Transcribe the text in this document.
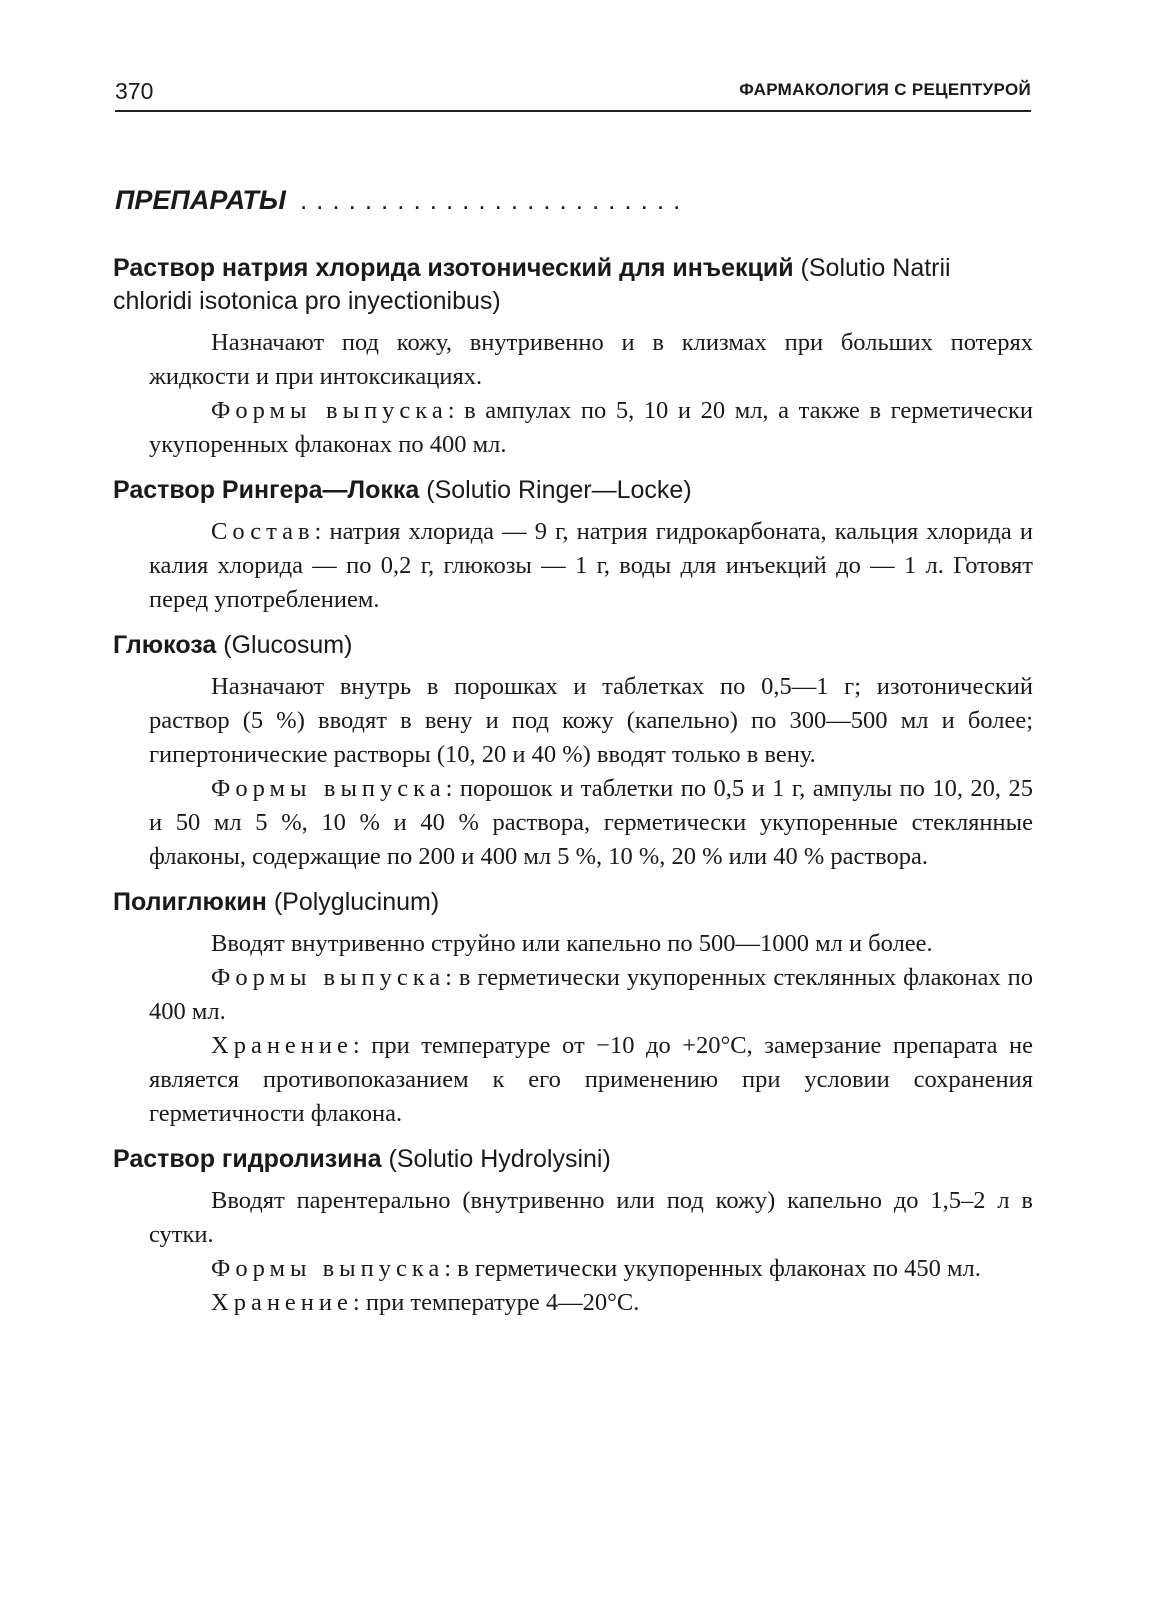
370	ФАРМАКОЛОГИЯ С РЕЦЕПТУРОЙ
ПРЕПАРАТЫ ........................

Раствор натрия хлорида изотонический для инъекций (Solutio Natrii chloridi isotonica pro inyectionibus)

Назначают под кожу, внутривенно и в клизмах при больших потерях жидкости и при интоксикациях.

Формы выпуска: в ампулах по 5, 10 и 20 мл, а также в герметически укупоренных флаконах по 400 мл.

Раствор Рингера—Локка (Solutio Ringer—Locke)

Состав: натрия хлорида — 9 г, натрия гидрокарбоната, кальция хлорида и калия хлорида — по 0,2 г, глюкозы — 1 г, воды для инъекций до — 1 л. Готовят перед употреблением.

Глюкоза (Glucosum)

Назначают внутрь в порошках и таблетках по 0,5—1 г; изотонический раствор (5 %) вводят в вену и под кожу (капельно) по 300—500 мл и более; гипертонические растворы (10, 20 и 40 %) вводят только в вену.

Формы выпуска: порошок и таблетки по 0,5 и 1 г, ампулы по 10, 20, 25 и 50 мл 5 %, 10 % и 40 % раствора, герметически укупоренные стеклянные флаконы, содержащие по 200 и 400 мл 5 %, 10 %, 20 % или 40 % раствора.

Полиглюкин (Polyglucinum)

Вводят внутривенно струйно или капельно по 500—1000 мл и более.

Формы выпуска: в герметически укупоренных стеклянных флаконах по 400 мл.

Хранение: при температуре от −10 до +20°С, замерзание препарата не является противопоказанием к его применению при условии сохранения герметичности флакона.

Раствор гидролизина (Solutio Hydrolysini)

Вводят парентерально (внутривенно или под кожу) капельно до 1,5–2 л в сутки.

Формы выпуска: в герметически укупоренных флаконах по 450 мл.

Хранение: при температуре 4—20°С.
